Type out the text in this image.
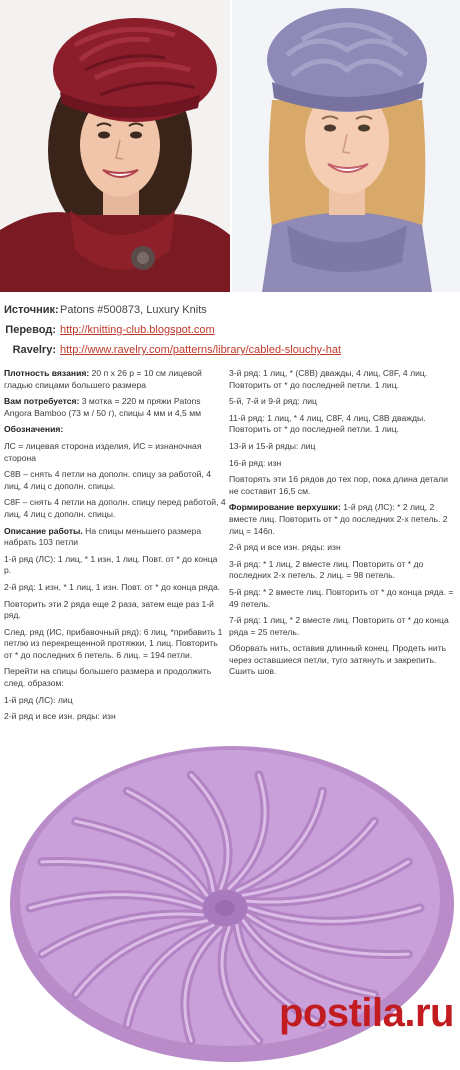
Источник: Patons #500873, Luxury Knits
Перевод: http://knitting-club.blogspot.com
Ravelry: http://www.ravelry.com/patterns/library/cabled-slouchy-hat

Плотность вязания: 20 п х 26 р = 10 см лицевой гладью спицами большего размера

Вам потребуется: 3 мотка = 220 м пряжи Patons Angora Bamboo (73 м / 50 г), спицы 4 мм и 4,5 мм

Обозначения:

ЛС = лицевая сторона изделия, ИС = изнаночная сторона

C8B – снять 4 петли на дополн. спицу за работой, 4 лиц, 4 лиц с дополн. спицы.

C8F – снять 4 петли на дополн. спицу перед работой, 4 лиц, 4 лиц с дополн. спицы.

Описание работы. На спицы меньшего размера набрать 103 петли

1-й ряд (ЛС): 1 лиц, * 1 изн, 1 лиц. Повт. от * до конца р.

2-й ряд: 1 изн, * 1 лиц, 1 изн. Повт. от * до конца ряда.

Повторить эти 2 ряда еще 2 раза, затем еще раз 1-й ряд.

След. ряд (ИС, прибавочный ряд): 6 лиц, *прибавить 1 петлю из перекрещенной протяжки, 1 лиц. Повторить от * до последних 6 петель. 6 лиц. = 194 петли.

Перейти на спицы большего размера и продолжить след. образом:

1-й ряд (ЛС): лиц

2-й ряд и все изн. ряды: изн

3-й ряд: 1 лиц, * (C8B) дважды, 4 лиц, C8F, 4 лиц. Повторить от * до последней петли. 1 лиц.

5-й, 7-й и 9-й ряд: лиц

11-й ряд: 1 лиц, * 4 лиц, C8F, 4 лиц, C8B дважды. Повторить от * до последней петли. 1 лиц.

13-й и 15-й ряды: лиц

16-й ряд: изн

Повторять эти 16 рядов до тех пор, пока длина детали не составит 16,5 см.

Формирование верхушки: 1-й ряд (ЛС): * 2 лиц, 2 вместе лиц. Повторить от * до последних 2-х петель. 2 лиц = 146п.

2-й ряд и все изн. ряды: изн

3-й ряд: * 1 лиц, 2 вместе лиц. Повторить от * до последних 2-х петель. 2 лиц. = 98 петель.

5-й ряд: * 2 вместе лиц. Повторить от * до конца ряда. = 49 петель.

7-й ряд: 1 лиц, * 2 вместе лиц. Повторить от * до конца ряда = 25 петель.

Оборвать нить, оставив длинный конец. Продеть нить через оставшиеся петли, туго затянуть и закрепить. Сшить шов.

postila.ru
